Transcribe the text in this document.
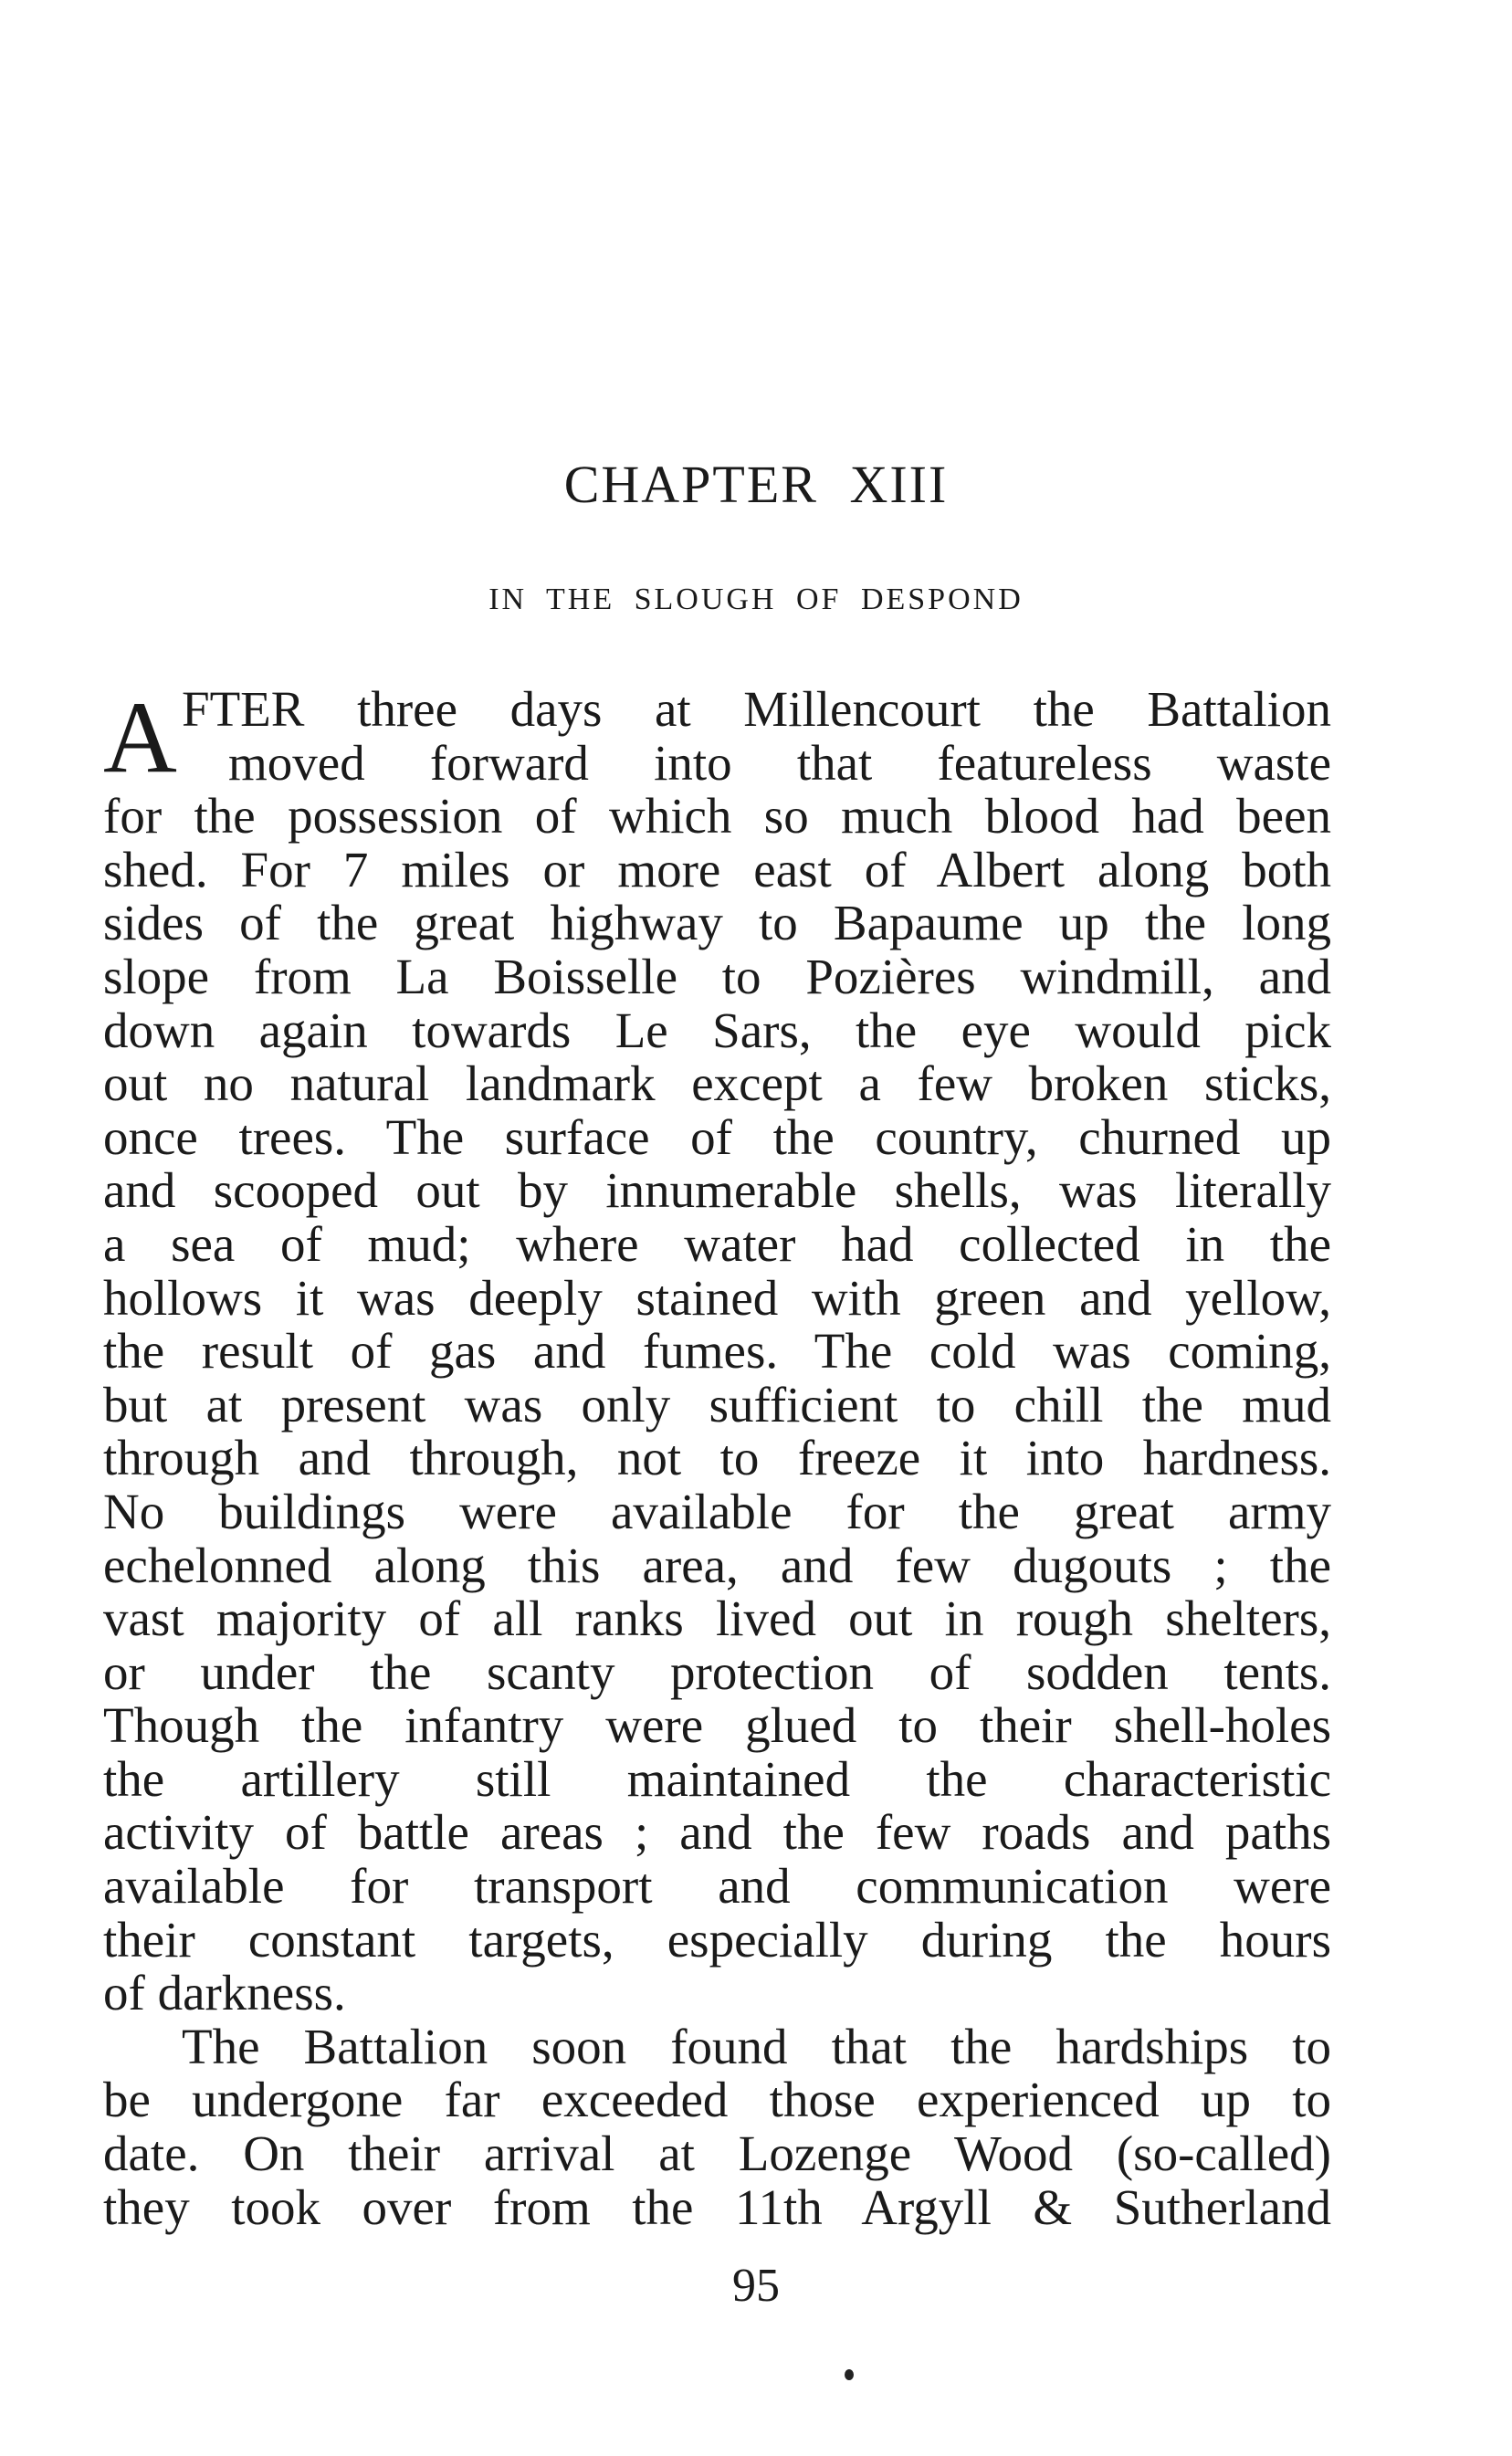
CHAPTER XIII
IN THE SLOUGH OF DESPOND
A FTER three days at Millencourt the Battalion
moved forward into that featureless waste
for the possession of which so much blood had been
shed. For 7 miles or more east of Albert along both
sides of the great highway to Bapaume up the long
slope from La Boisselle to Pozières windmill, and
down again towards Le Sars, the eye would pick
out no natural landmark except a few broken sticks,
once trees. The surface of the country, churned up
and scooped out by innumerable shells, was literally
a sea of mud; where water had collected in the
hollows it was deeply stained with green and yellow,
the result of gas and fumes. The cold was coming,
but at present was only sufficient to chill the mud
through and through, not to freeze it into hardness.
No buildings were available for the great army
echelonned along this area, and few dugouts ; the
vast majority of all ranks lived out in rough shelters,
or under the scanty protection of sodden tents.
Though the infantry were glued to their shell-holes
the artillery still maintained the characteristic
activity of battle areas ; and the few roads and paths
available for transport and communication were
their constant targets, especially during the hours
of darkness.
The Battalion soon found that the hardships to
be undergone far exceeded those experienced up to
date. On their arrival at Lozenge Wood (so-called)
they took over from the 11th Argyll & Sutherland
95
